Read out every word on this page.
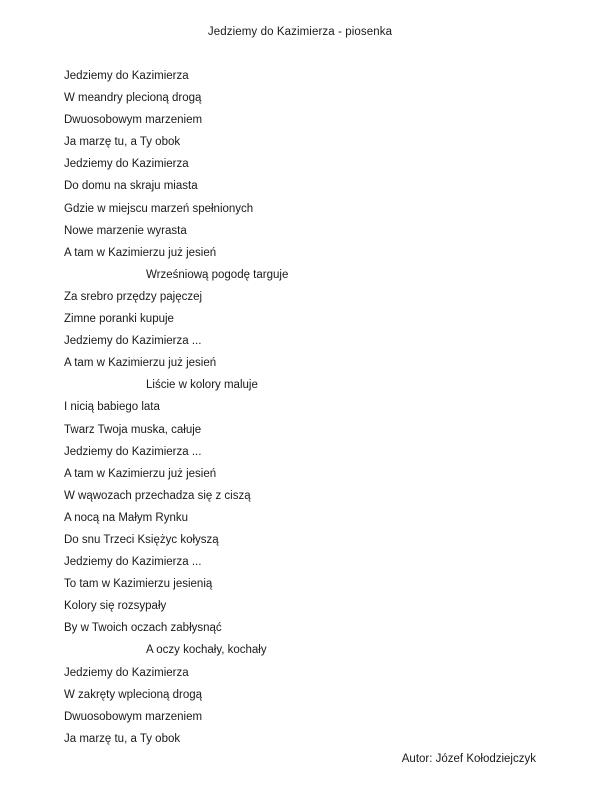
Jedziemy do Kazimierza - piosenka
Jedziemy do Kazimierza
W meandry plecioną drogą
Dwuosobowym marzeniem
Ja marzę tu, a Ty obok
Jedziemy do Kazimierza
Do domu na skraju miasta
Gdzie w miejscu marzeń spełnionych
Nowe marzenie wyrasta
A tam w Kazimierzu już jesień
Wrześniową pogodę targuje
Za srebro przędzy pajęczej
Zimne poranki kupuje
Jedziemy do Kazimierza ...
A tam w Kazimierzu już jesień
Liście w kolory maluje
I nicią babiego lata
Twarz Twoja muska, całuje
Jedziemy do Kazimierza ...
A tam w Kazimierzu już jesień
W wąwozach przechadza się z ciszą
A nocą na Małym Rynku
Do snu Trzeci Księżyc kołyszą
Jedziemy do Kazimierza ...
To tam w Kazimierzu jesienią
Kolory się rozsypały
By w Twoich oczach zabłysnąć
A oczy kochały, kochały
Jedziemy do Kazimierza
W zakręty wplecioną drogą
Dwuosobowym marzeniem
Ja marzę tu, a Ty obok
Autor: Józef Kołodziejczyk
